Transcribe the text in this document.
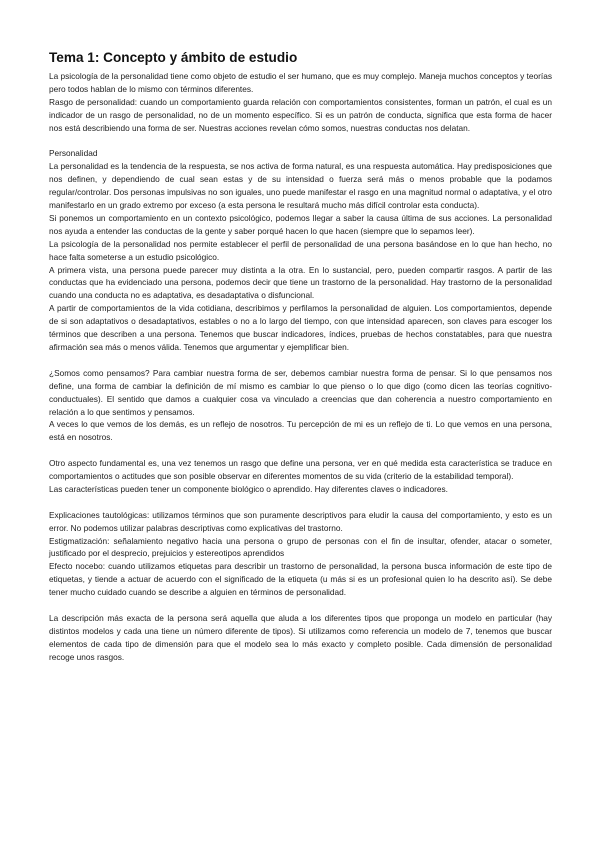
Tema 1: Concepto y ámbito de estudio

La psicología de la personalidad tiene como objeto de estudio el ser humano, que es muy complejo. Maneja muchos conceptos y teorías pero todos hablan de lo mismo con términos diferentes.

Rasgo de personalidad: cuando un comportamiento guarda relación con comportamientos consistentes, forman un patrón, el cual es un indicador de un rasgo de personalidad, no de un momento específico. Si es un patrón de conducta, significa que esta forma de hacer nos está describiendo una forma de ser. Nuestras acciones revelan cómo somos, nuestras conductas nos delatan.

Personalidad

La personalidad es la tendencia de la respuesta, se nos activa de forma natural, es una respuesta automática. Hay predisposiciones que nos definen, y dependiendo de cual sean estas y de su intensidad o fuerza será más o menos probable que la podamos regular/controlar. Dos personas impulsivas no son iguales, uno puede manifestar el rasgo en una magnitud normal o adaptativa, y el otro manifestarlo en un grado extremo por exceso (a esta persona le resultará mucho más difícil controlar esta conducta).

Si ponemos un comportamiento en un contexto psicológico, podemos llegar a saber la causa última de sus acciones. La personalidad nos ayuda a entender las conductas de la gente y saber porqué hacen lo que hacen (siempre que lo sepamos leer).

La psicología de la personalidad nos permite establecer el perfil de personalidad de una persona basándose en lo que han hecho, no hace falta someterse a un estudio psicológico.

A primera vista, una persona puede parecer muy distinta a la otra. En lo sustancial, pero, pueden compartir rasgos. A partir de las conductas que ha evidenciado una persona, podemos decir que tiene un trastorno de la personalidad. Hay trastorno de la personalidad cuando una conducta no es adaptativa, es desadaptativa o disfuncional.

A partir de comportamientos de la vida cotidiana, describimos y perfilamos la personalidad de alguien. Los comportamientos, depende de si son adaptativos o desadaptativos, estables o no a lo largo del tiempo, con que intensidad aparecen, son claves para escoger los términos que describen a una persona. Tenemos que buscar indicadores, índices, pruebas de hechos constatables, para que nuestra afirmación sea más o menos válida. Tenemos que argumentar y ejemplificar bien.

¿Somos como pensamos? Para cambiar nuestra forma de ser, debemos cambiar nuestra forma de pensar. Si lo que pensamos nos define, una forma de cambiar la definición de mí mismo es cambiar lo que pienso o lo que digo (como dicen las teorías cognitivo-conductuales). El sentido que damos a cualquier cosa va vinculado a creencias que dan coherencia a nuestro comportamiento en relación a lo que sentimos y pensamos.

A veces lo que vemos de los demás, es un reflejo de nosotros. Tu percepción de mi es un reflejo de ti. Lo que vemos en una persona, está en nosotros.

Otro aspecto fundamental es, una vez tenemos un rasgo que define una persona, ver en qué medida esta característica se traduce en comportamientos o actitudes que son posible observar en diferentes momentos de su vida (criterio de la estabilidad temporal).

Las características pueden tener un componente biológico o aprendido. Hay diferentes claves o indicadores.

Explicaciones tautológicas: utilizamos términos que son puramente descriptivos para eludir la causa del comportamiento, y esto es un error. No podemos utilizar palabras descriptivas como explicativas del trastorno.

Estigmatización: señalamiento negativo hacia una persona o grupo de personas con el fin de insultar, ofender, atacar o someter, justificado por el desprecio, prejuicios y estereotipos aprendidos

Efecto nocebo: cuando utilizamos etiquetas para describir un trastorno de personalidad, la persona busca información de este tipo de etiquetas, y tiende a actuar de acuerdo con el significado de la etiqueta (u más si es un profesional quien lo ha descrito así). Se debe tener mucho cuidado cuando se describe a alguien en términos de personalidad.

La descripción más exacta de la persona será aquella que aluda a los diferentes tipos que proponga un modelo en particular (hay distintos modelos y cada una tiene un número diferente de tipos). Si utilizamos como referencia un modelo de 7, tenemos que buscar elementos de cada tipo de dimensión para que el modelo sea lo más exacto y completo posible. Cada dimensión de personalidad recoge unos rasgos.
